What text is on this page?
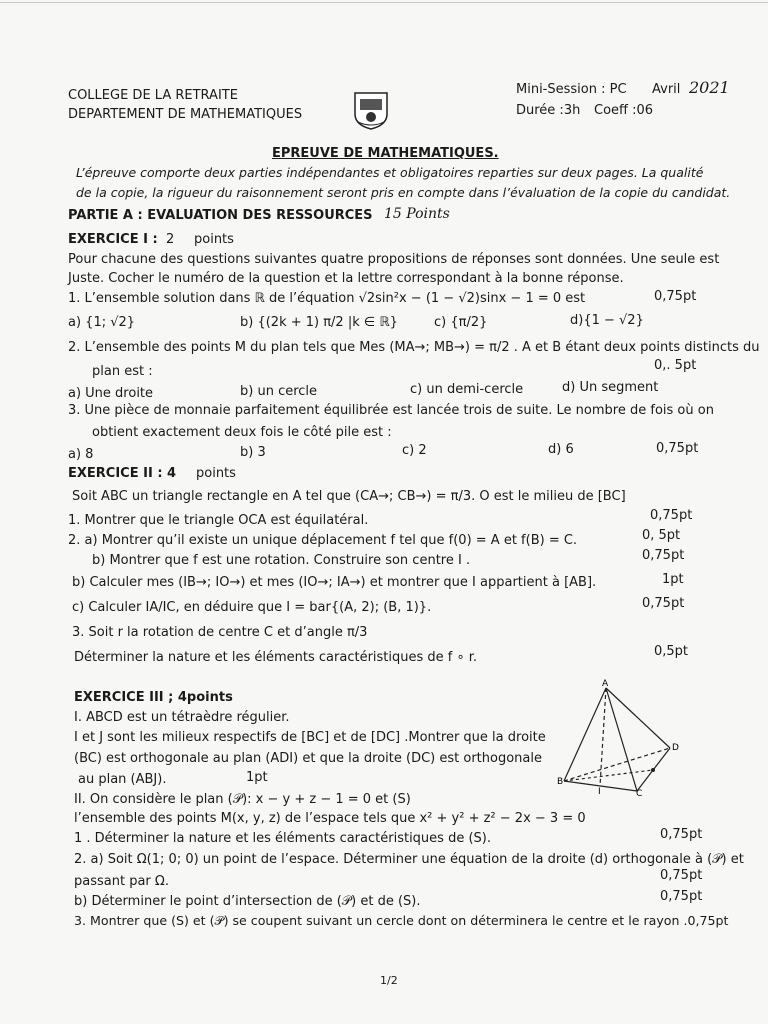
COLLEGE DE LA RETRAITE
DEPARTEMENT DE MATHEMATIQUES
Mini-Session : PC Avril 2021
Durée :3h Coeff :06
EPREUVE DE MATHEMATIQUES.
L’épreuve comporte deux parties indépendantes et obligatoires reparties sur deux pages. La qualité
de la copie, la rigueur du raisonnement seront pris en compte dans l’évaluation de la copie du candidat.
PARTIE A : EVALUATION DES RESSOURCES 15 Points
EXERCICE I : 2 points
Pour chacune des questions suivantes quatre propositions de réponses sont données. Une seule est
Juste. Cocher le numéro de la question et la lettre correspondant à la bonne réponse.
1. L’ensemble solution dans ℝ de l’équation √2sin²x − (1 − √2)sinx − 1 = 0 est	0,75pt
a) {1; √2}	b) {(2k + 1) π/2 |k ∈ ℝ}	c) {π/2}	d){1 − √2}
2. L’ensemble des points M du plan tels que Mes (MA→; MB→) = π/2 . A et B étant deux points distincts du
plan est :	0,. 5pt
a) Une droite	b) un cercle	c) un demi-cercle	d) Un segment
3. Une pièce de monnaie parfaitement équilibrée est lancée trois de suite. Le nombre de fois où on
obtient exactement deux fois le côté pile est :
a) 8	b) 3	c) 2	d) 6	0,75pt
EXERCICE II : 4 points
Soit ABC un triangle rectangle en A tel que (CA→; CB→) = π/3. O est le milieu de [BC]
1. Montrer que le triangle OCA est équilatéral.	0,75pt
2. a) Montrer qu’il existe un unique déplacement f tel que f(0) = A et f(B) = C.	0, 5pt
b) Montrer que f est une rotation. Construire son centre I .	0,75pt
b) Calculer mes (IB→; IO→) et mes (IO→; IA→) et montrer que I appartient à [AB].	1pt
c) Calculer IA/IC, en déduire que I = bar{(A, 2); (B, 1)}.	0,75pt
3. Soit r la rotation de centre C et d’angle π/3
Déterminer la nature et les éléments caractéristiques de f ∘ r.	0,5pt
EXERCICE III ; 4points
I. ABCD est un tétraèdre régulier.
I et J sont les milieux respectifs de [BC] et de [DC] .Montrer que la droite
(BC) est orthogonale au plan (ADI) et que la droite (DC) est orthogonale
au plan (ABJ).	1pt
II. On considère le plan (𝒫): x − y + z − 1 = 0 et (S)
l’ensemble des points M(x, y, z) de l’espace tels que x² + y² + z² − 2x − 3 = 0
1 . Déterminer la nature et les éléments caractéristiques de (S).	0,75pt
2. a) Soit Ω(1; 0; 0) un point de l’espace. Déterminer une équation de la droite (d) orthogonale à (𝒫) et
passant par Ω.	0,75pt
b) Déterminer le point d’intersection de (𝒫) et de (S).	0,75pt
3. Montrer que (S) et (𝒫) se coupent suivant un cercle dont on déterminera le centre et le rayon .0,75pt
A
B
C
D
I
1/2
